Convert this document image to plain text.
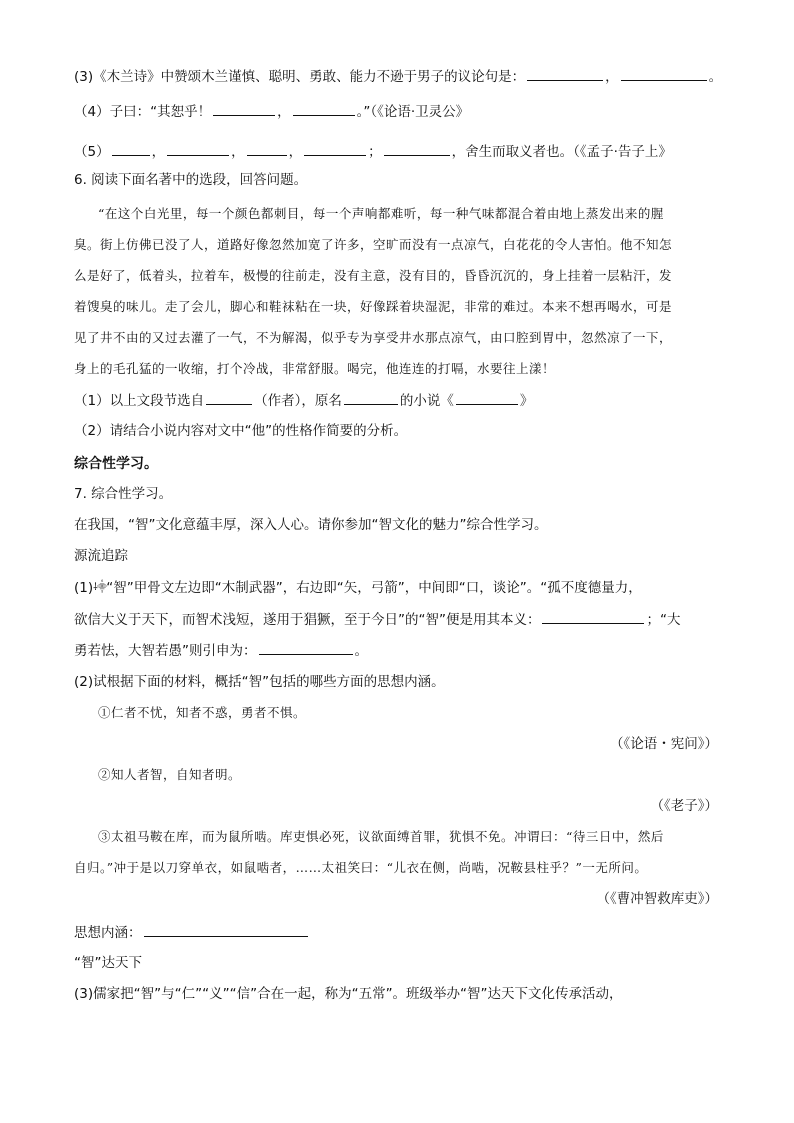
(3)《木兰诗》中赞颂木兰谨慎、聪明、勇敢、能力不逊于男子的议论句是：	，	。
（4）子曰：“其恕乎！	，	。”（《论语·卫灵公》
（5）	，	，	，	；	，舍生而取义者也。（《孟子·告子上》
6. 阅读下面名著中的选段，回答问题。
“在这个白光里，每一个颜色都刺目，每一个声响都难听，每一种气味都混合着由地上蒸发出来的腥
臭。街上仿佛已没了人，道路好像忽然加宽了许多，空旷而没有一点凉气，白花花的令人害怕。他不知怎
么是好了，低着头，拉着车，极慢的往前走，没有主意，没有目的，昏昏沉沉的，身上挂着一层粘汗，发
着馊臭的味儿。走了会儿，脚心和鞋袜粘在一块，好像踩着块湿泥，非常的难过。本来不想再喝水，可是
见了井不由的又过去灌了一气，不为解渴，似乎专为享受井水那点凉气，由口腔到胃中，忽然凉了一下，
身上的毛孔猛的一收缩，打个冷战，非常舒服。喝完，他连连的打嗝，水要往上漾！
（1）以上文段节选自	（作者），原名	的小说《	》
（2）请结合小说内容对文中“他”的性格作简要的分析。
综合性学习。
7. 综合性学习。
在我国，“智”文化意蕴丰厚，深入人心。请你参加“智文化的魅力”综合性学习。
源流追踪
(1)⸸⸎“智”甲骨文左边即“木制武器”，右边即“矢，弓箭”，中间即“口，谈论”。“孤不度德量力，
欲信大义于天下，而智术浅短，遂用于猖獗，至于今日”的“智”便是用其本义：	；“大
勇若怯，大智若愚”则引申为：	。
(2)试根据下面的材料，概括“智”包括的哪些方面的思想内涵。
①仁者不忧，知者不惑，勇者不惧。
（《论语・宪问》）
②知人者智，自知者明。
（《老子》）
③太祖马鞍在库，而为鼠所啮。库吏惧必死，议欲面缚首罪，犹惧不免。冲谓曰：“待三日中，然后
自归。”冲于是以刀穿单衣，如鼠啮者，……太祖笑曰：“儿衣在侧，尚啮，况鞍县柱乎？”一无所问。
（《曹冲智救库吏》）
思想内涵：
“智”达天下
(3)儒家把“智”与“仁”“义”“信”合在一起，称为“五常”。班级举办“智”达天下文化传承活动，
